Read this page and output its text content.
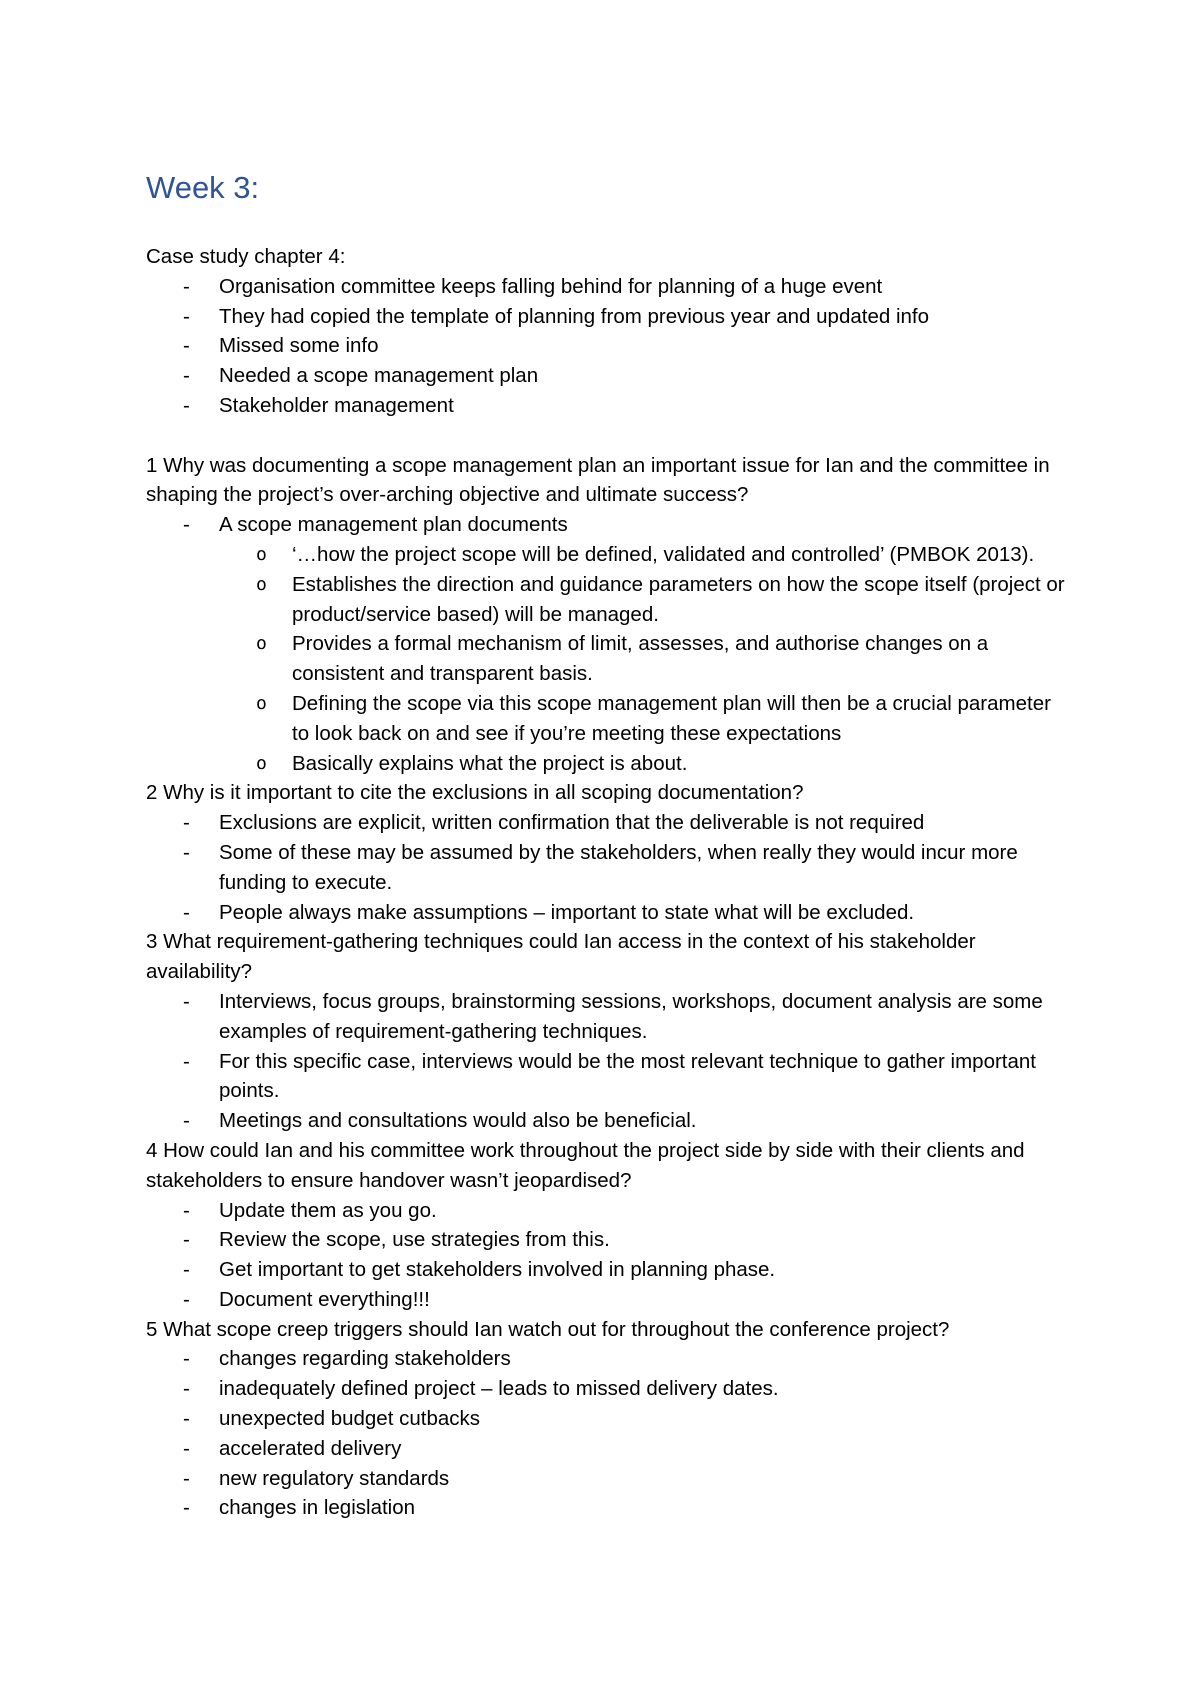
Week 3:
Case study chapter 4:
-	Organisation committee keeps falling behind for planning of a huge event
-	They had copied the template of planning from previous year and updated info
-	Missed some info
-	Needed a scope management plan
-	Stakeholder management
1 Why was documenting a scope management plan an important issue for Ian and the committee in shaping the project’s over-arching objective and ultimate success?
-	A scope management plan documents
o	‘…how the project scope will be defined, validated and controlled’ (PMBOK 2013).
o	Establishes the direction and guidance parameters on how the scope itself (project or product/service based) will be managed.
o	Provides a formal mechanism of limit, assesses, and authorise changes on a consistent and transparent basis.
o	Defining the scope via this scope management plan will then be a crucial parameter to look back on and see if you’re meeting these expectations
o	Basically explains what the project is about.
2 Why is it important to cite the exclusions in all scoping documentation?
-	Exclusions are explicit, written confirmation that the deliverable is not required
-	Some of these may be assumed by the stakeholders, when really they would incur more funding to execute.
-	People always make assumptions – important to state what will be excluded.
3 What requirement-gathering techniques could Ian access in the context of his stakeholder availability?
-	Interviews, focus groups, brainstorming sessions, workshops, document analysis are some examples of requirement-gathering techniques.
-	For this specific case, interviews would be the most relevant technique to gather important points.
-	Meetings and consultations would also be beneficial.
4 How could Ian and his committee work throughout the project side by side with their clients and stakeholders to ensure handover wasn’t jeopardised?
-	Update them as you go.
-	Review the scope, use strategies from this.
-	Get important to get stakeholders involved in planning phase.
-	Document everything!!!
5 What scope creep triggers should Ian watch out for throughout the conference project?
-	changes regarding stakeholders
-	inadequately defined project – leads to missed delivery dates.
-	unexpected budget cutbacks
-	accelerated delivery
-	new regulatory standards
-	changes in legislation
